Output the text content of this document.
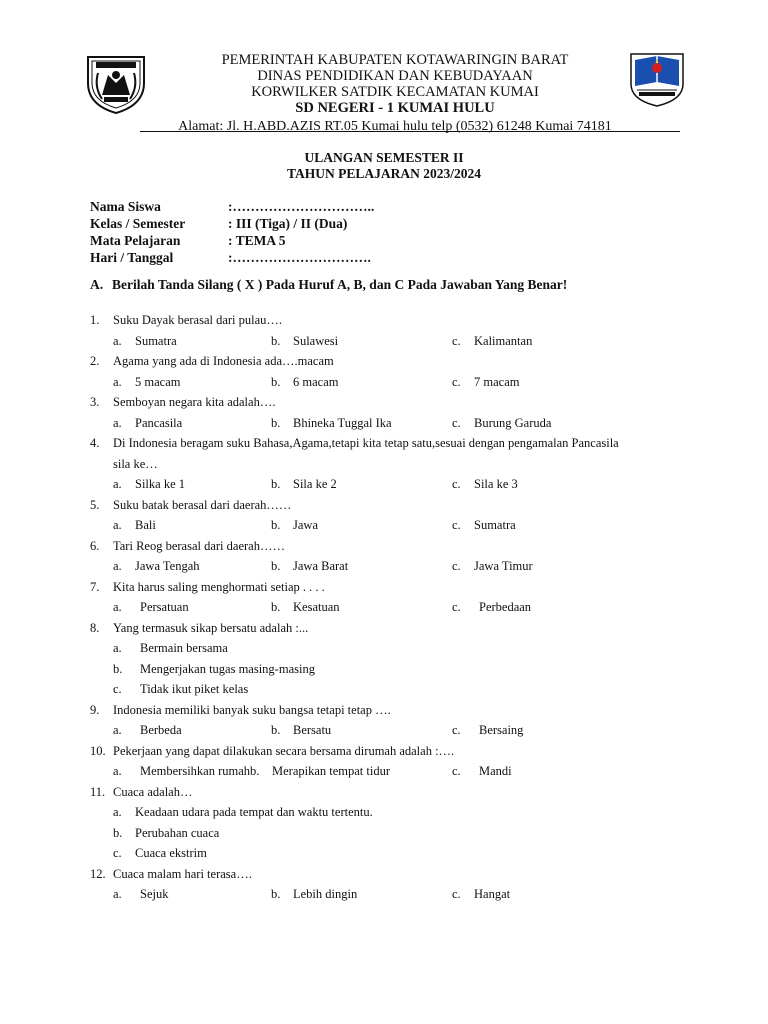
PEMERINTAH KABUPATEN KOTAWARINGIN BARAT
DINAS PENDIDIKAN DAN KEBUDAYAAN
KORWILKER SATDIK KECAMATAN KUMAI
SD NEGERI - 1 KUMAI HULU
Alamat: Jl. H.ABD.AZIS RT.05 Kumai hulu telp (0532) 61248 Kumai 74181
ULANGAN SEMESTER II
TAHUN PELAJARAN 2023/2024
Nama Siswa	:…………………………..
Kelas / Semester	: III (Tiga) / II (Dua)
Mata Pelajaran	: TEMA 5
Hari / Tanggal	:………………………….
A. Berilah Tanda Silang ( X ) Pada Huruf A, B, dan C Pada Jawaban Yang Benar!
1.	Suku Dayak berasal dari pulau….
a. Sumatra	b. Sulawesi	c. Kalimantan
2.	Agama yang ada di Indonesia ada….macam
a. 5 macam	b. 6 macam	c. 7 macam
3.	Semboyan negara kita adalah….
a. Pancasila	b. Bhineka Tuggal Ika	c. Burung Garuda
4.	Di Indonesia beragam suku Bahasa,Agama,tetapi kita tetap satu,sesuai dengan pengamalan Pancasila
sila ke…
a. Silka ke 1	b. Sila ke 2	c. Sila ke 3
5.	Suku batak berasal dari daerah……
a. Bali	b. Jawa	c. Sumatra
6.	Tari Reog berasal dari daerah……
a. Jawa Tengah	b. Jawa Barat	c. Jawa Timur
7.	Kita harus saling menghormati setiap . . . .
a. Persatuan	b. Kesatuan	c. Perbedaan
8.	Yang termasuk sikap bersatu adalah :...
a. Bermain bersama
b. Mengerjakan tugas masing-masing
c. Tidak ikut piket kelas
9.	Indonesia memiliki banyak suku bangsa tetapi tetap ….
a. Berbeda	b. Bersatu	c. Bersaing
10. Pekerjaan yang dapat dilakukan secara bersama dirumah adalah :….
a. Membersihkan rumah b. Merapikan tempat tidur	c. Mandi
11. Cuaca adalah…
a. Keadaan udara pada tempat dan waktu tertentu.
b. Perubahan cuaca
c. Cuaca ekstrim
12. Cuaca malam hari terasa….
a. Sejuk	b. Lebih dingin	c. Hangat
